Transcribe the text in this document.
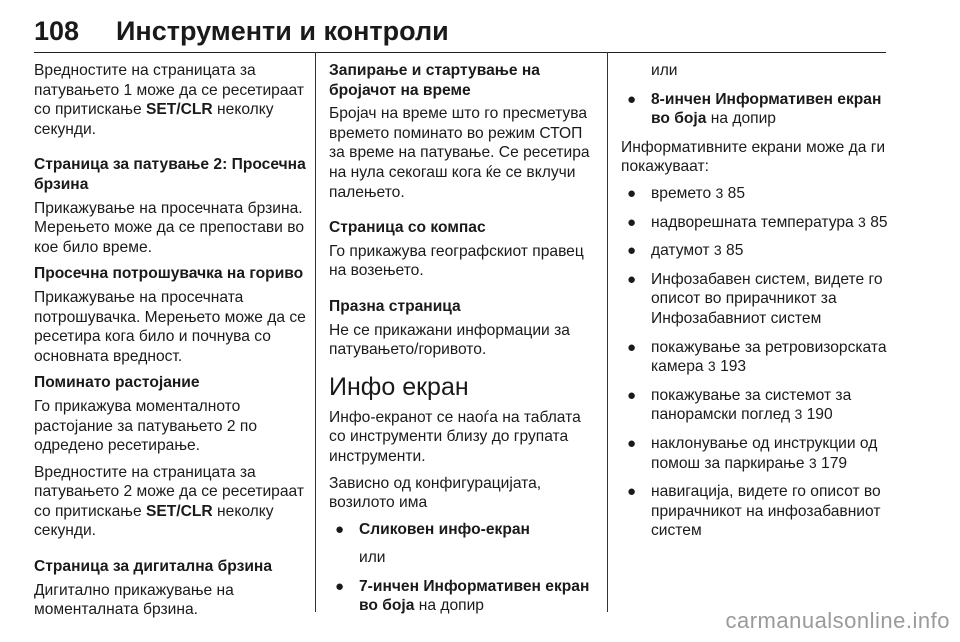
108 Инструменти и контроли

Вредностите на страницата за патувањето 1 може да се ресетираат со притискање SET/CLR неколку секунди.

Страница за патување 2: Просечна брзина

Прикажување на просечната брзина. Мерењето може да се препостави во кое било време.

Просечна потрошувачка на гориво

Прикажување на просечната потрошувачка. Мерењето може да се ресетира кога било и почнува со основната вредност.

Поминато растојание

Го прикажува моменталното растојание за патувањето 2 по одредено ресетирање.

Вредностите на страницата за патувањето 2 може да се ресетираат со притискање SET/CLR неколку секунди.

Страница за дигитална брзина

Дигитално прикажување на моменталната брзина.

Запирање и стартување на бројачот на време

Бројач на време што го пресметува времето поминато во режим СТОП за време на патување. Се ресетира на нула секогаш кога ќе се вклучи палењето.

Страница со компас

Го прикажува географскиот правец на возењето.

Празна страница

Не се прикажани информации за патувањето/горивото.

Инфо екран

Инфо-екранот се наоѓа на таблата со инструменти близу до групата инструменти.

Зависно од конфигурацијата, возилото има

● Сликовен инфо-екран

или

● 7-инчен Информативен екран во боја на допир

или

● 8-инчен Информативен екран во боја на допир

Информативните екрани може да ги покажуваат:

● времето 3 85
● надворешната температура 3 85
● датумот 3 85
● Инфозабавен систем, видете го описот во прирачникот за Инфозабавниот систем
● покажување за ретровизорската камера 3 193
● покажување за системот за панорамски поглед 3 190
● наклонување од инструкции од помош за паркирање 3 179
● навигација, видете го описот во прирачникот на инфозабавниот систем
carmanualsonline.info
